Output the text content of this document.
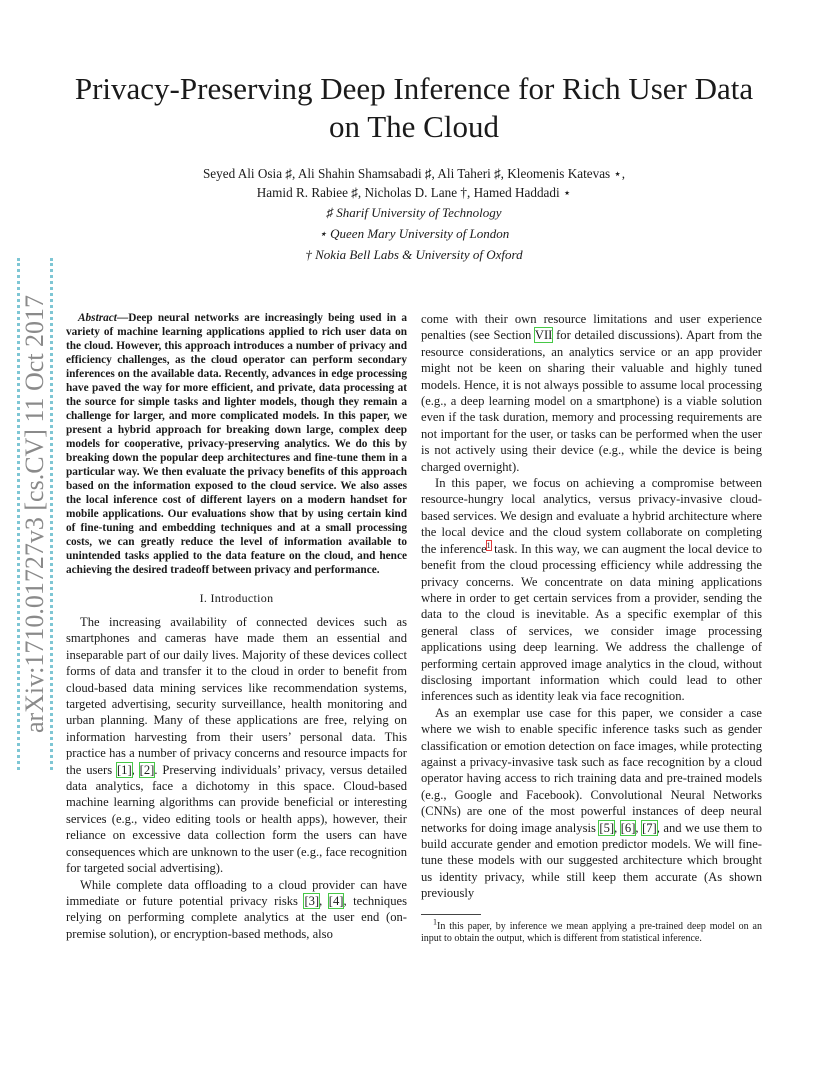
arXiv:1710.01727v3 [cs.CV] 11 Oct 2017
Privacy-Preserving Deep Inference for Rich User Data on The Cloud
Seyed Ali Osia ♯, Ali Shahin Shamsabadi ♯, Ali Taheri ♯, Kleomenis Katevas ⋆,
Hamid R. Rabiee ♯, Nicholas D. Lane †, Hamed Haddadi ⋆
♯ Sharif University of Technology
⋆ Queen Mary University of London
† Nokia Bell Labs & University of Oxford

Abstract—Deep neural networks are increasingly being used in a variety of machine learning applications applied to rich user data on the cloud. However, this approach introduces a number of privacy and efficiency challenges, as the cloud operator can perform secondary inferences on the available data. Recently, advances in edge processing have paved the way for more efficient, and private, data processing at the source for simple tasks and lighter models, though they remain a challenge for larger, and more complicated models. In this paper, we present a hybrid approach for breaking down large, complex deep models for cooperative, privacy-preserving analytics. We do this by breaking down the popular deep architectures and fine-tune them in a particular way. We then evaluate the privacy benefits of this approach based on the information exposed to the cloud service. We also asses the local inference cost of different layers on a modern handset for mobile applications. Our evaluations show that by using certain kind of fine-tuning and embedding techniques and at a small processing costs, we can greatly reduce the level of information available to unintended tasks applied to the data feature on the cloud, and hence achieving the desired tradeoff between privacy and performance.

I. Introduction

The increasing availability of connected devices such as smartphones and cameras have made them an essential and inseparable part of our daily lives. Majority of these devices collect forms of data and transfer it to the cloud in order to benefit from cloud-based data mining services like recommendation systems, targeted advertising, security surveillance, health monitoring and urban planning. Many of these applications are free, relying on information harvesting from their users’ personal data. This practice has a number of privacy concerns and resource impacts for the users [1], [2]. Preserving individuals’ privacy, versus detailed data analytics, face a dichotomy in this space. Cloud-based machine learning algorithms can provide beneficial or interesting services (e.g., video editing tools or health apps), however, their reliance on excessive data collection form the users can have consequences which are unknown to the user (e.g., face recognition for targeted social advertising).

While complete data offloading to a cloud provider can have immediate or future potential privacy risks [3], [4], techniques relying on performing complete analytics at the user end (on-premise solution), or encryption-based methods, also

come with their own resource limitations and user experience penalties (see Section VII for detailed discussions). Apart from the resource considerations, an analytics service or an app provider might not be keen on sharing their valuable and highly tuned models. Hence, it is not always possible to assume local processing (e.g., a deep learning model on a smartphone) is a viable solution even if the task duration, memory and processing requirements are not important for the user, or tasks can be performed when the user is not actively using their device (e.g., while the device is being charged overnight).

In this paper, we focus on achieving a compromise between resource-hungry local analytics, versus privacy-invasive cloud-based services. We design and evaluate a hybrid architecture where the local device and the cloud system collaborate on completing the inference$^1$ task. In this way, we can augment the local device to benefit from the cloud processing efficiency while addressing the privacy concerns. We concentrate on data mining applications where in order to get certain services from a provider, sending the data to the cloud is inevitable. As a specific exemplar of this general class of services, we consider image processing applications using deep learning. We address the challenge of performing certain approved image analytics in the cloud, without disclosing important information which could lead to other inferences such as identity leak via face recognition.

As an exemplar use case for this paper, we consider a case where we wish to enable specific inference tasks such as gender classification or emotion detection on face images, while protecting against a privacy-invasive task such as face recognition by a cloud operator having access to rich training data and pre-trained models (e.g., Google and Facebook). Convolutional Neural Networks (CNNs) are one of the most powerful instances of deep neural networks for doing image analysis [5], [6], [7], and we use them to build accurate gender and emotion predictor models. We will fine-tune these models with our suggested architecture which brought us identity privacy, while still keep them accurate (As shown previously

$^1$In this paper, by inference we mean applying a pre-trained deep model on an input to obtain the output, which is different from statistical inference.
